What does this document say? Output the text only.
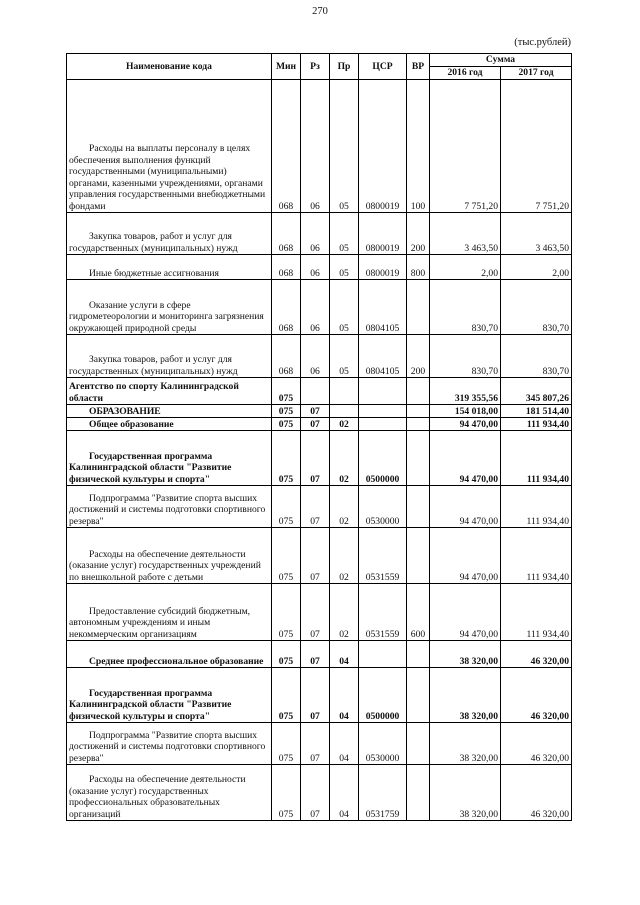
270
(тыс.рублей)
Наименование кода	Мин	Рз	Пр	ЦСР	ВР	Сумма	
						2016 год	2017 год
Расходы на выплаты персоналу в целях обеспечения выполнения функций государственными (муниципальными) органами, казенными учреждениями, органами управления государственными внебюджетными фондами	068	06	05	0800019	100	7 751,20	7 751,20
Закупка товаров, работ и услуг для государственных (муниципальных) нужд	068	06	05	0800019	200	3 463,50	3 463,50
Иные бюджетные ассигнования	068	06	05	0800019	800	2,00	2,00
Оказание услуги в сфере гидрометеорологии и мониторинга загрязнения окружающей природной среды	068	06	05	0804105		830,70	830,70
Закупка товаров, работ и услуг для государственных (муниципальных) нужд	068	06	05	0804105	200	830,70	830,70
Агентство по спорту Калининградской области	075					319 355,56	345 807,26
ОБРАЗОВАНИЕ	075	07				154 018,00	181 514,40
Общее образование	075	07	02			94 470,00	111 934,40
Государственная программа Калининградской области "Развитие физической культуры и спорта"	075	07	02	0500000		94 470,00	111 934,40
Подпрограмма "Развитие спорта высших достижений и системы подготовки спортивного резерва"	075	07	02	0530000		94 470,00	111 934,40
Расходы на обеспечение деятельности (оказание услуг) государственных учреждений по внешкольной работе с детьми	075	07	02	0531559		94 470,00	111 934,40
Предоставление субсидий бюджетным, автономным учреждениям и иным некоммерческим организациям	075	07	02	0531559	600	94 470,00	111 934,40
Среднее профессиональное образование	075	07	04			38 320,00	46 320,00
Государственная программа Калининградской области "Развитие физической культуры и спорта"	075	07	04	0500000		38 320,00	46 320,00
Подпрограмма "Развитие спорта высших достижений и системы подготовки спортивного резерва"	075	07	04	0530000		38 320,00	46 320,00
Расходы на обеспечение деятельности (оказание услуг) государственных профессиональных образовательных организаций	075	07	04	0531759		38 320,00	46 320,00
